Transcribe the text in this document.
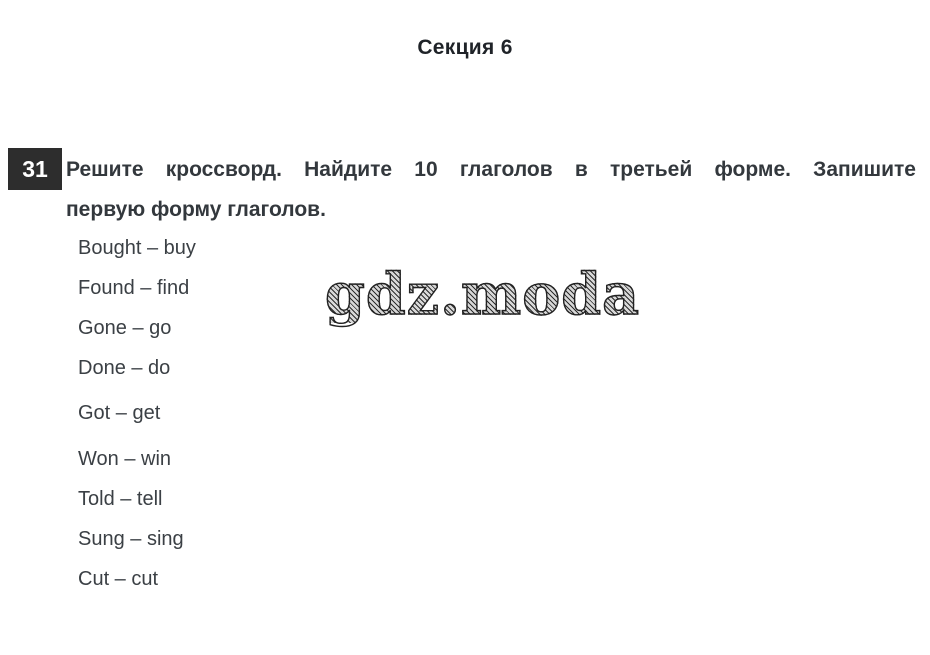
Секция 6
31 Решите кроссворд. Найдите 10 глаголов в третьей форме. Запишите
первую форму глаголов.
Bought – buy
Found – find
Gone – go
Done – do
Got – get
Won – win
Told – tell
Sung – sing
Cut – cut
gdz.moda
